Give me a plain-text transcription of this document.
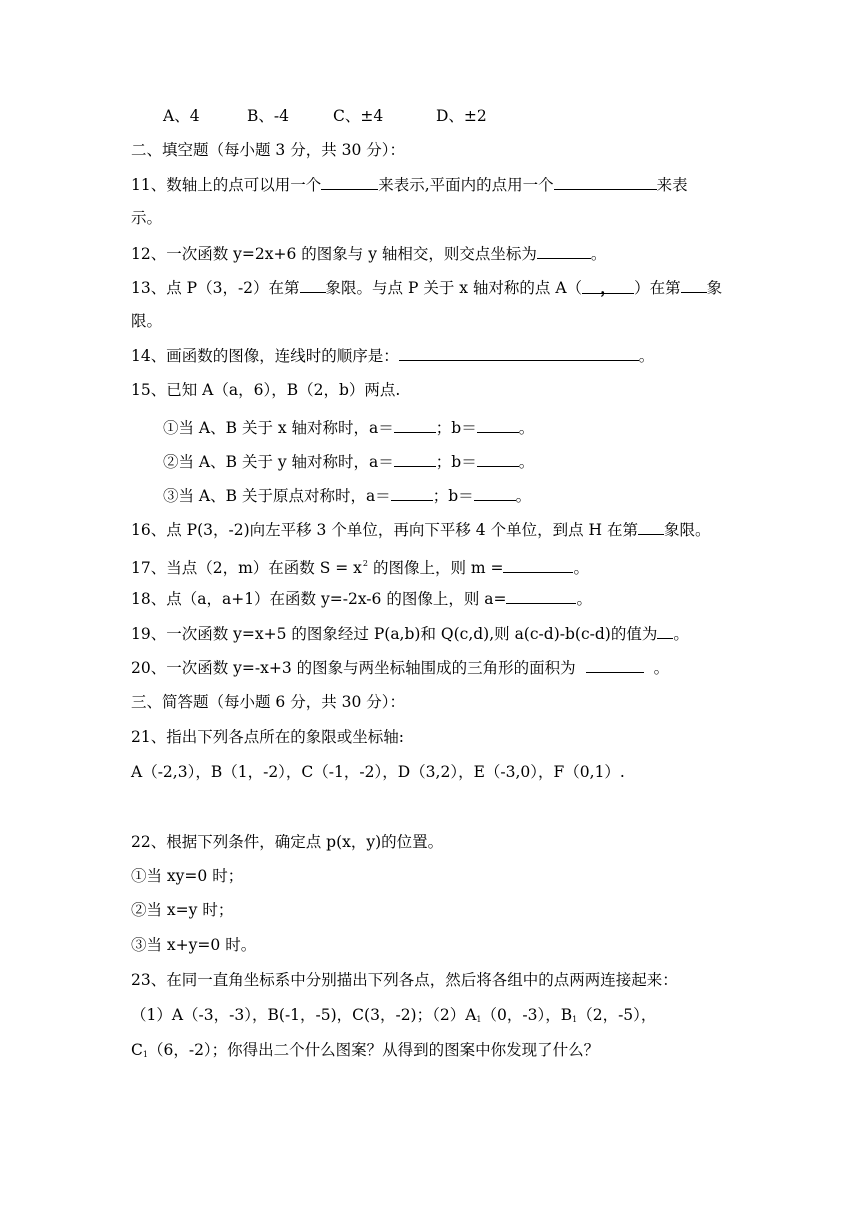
A、4	B、-4	C、±4	D、±2
二、填空题（每小题 3 分，共 30 分）：
11、数轴上的点可以用一个	来表示,平面内的点用一个	来表
示。
12、一次函数 y=2x+6 的图象与 y 轴相交，则交点坐标为	。
13、点 P（3，-2）在第 象限。与点 P 关于 x 轴对称的点 A（ ， ）在第 象
限。
14、画函数的图像，连线时的顺序是：	。
15、已知 A（a，6），B（2，b）两点.
①当 A、B 关于 x 轴对称时，a＝	；b＝	。
②当 A、B 关于 y 轴对称时，a＝	；b＝	。
③当 A、B 关于原点对称时，a＝	；b＝	。
16、点 P(3，-2)向左平移 3 个单位，再向下平移 4 个单位，到点 H 在第 象限。
17、当点（2，m）在函数 $S = x^2$ 的图像上，则 m =	。
18、点（a，a+1）在函数 y=-2x-6 的图像上，则 a=	。
19、一次函数 y=x+5 的图象经过 P(a,b)和 Q(c,d),则 a(c-d)-b(c-d)的值为 。
20、一次函数 y=-x+3 的图象与两坐标轴围成的三角形的面积为	。
三、简答题（每小题 6 分，共 30 分）：
21、指出下列各点所在的象限或坐标轴:
A（-2,3），B（1，-2），C（-1，-2），D（3,2），E（-3,0），F（0,1）.
22、根据下列条件，确定点 p(x，y)的位置。
①当 xy=0 时；
②当 x=y 时；
③当 x+y=0 时。
23、在同一直角坐标系中分别描出下列各点，然后将各组中的点两两连接起来：
（1）A（-3，-3），B(-1，-5)，C(3，-2)；$(2)A_1(0$，-3），$B_1(2$，-5），
$C_1(6$，-2）；你得出二个什么图案？从得到的图案中你发现了什么？
